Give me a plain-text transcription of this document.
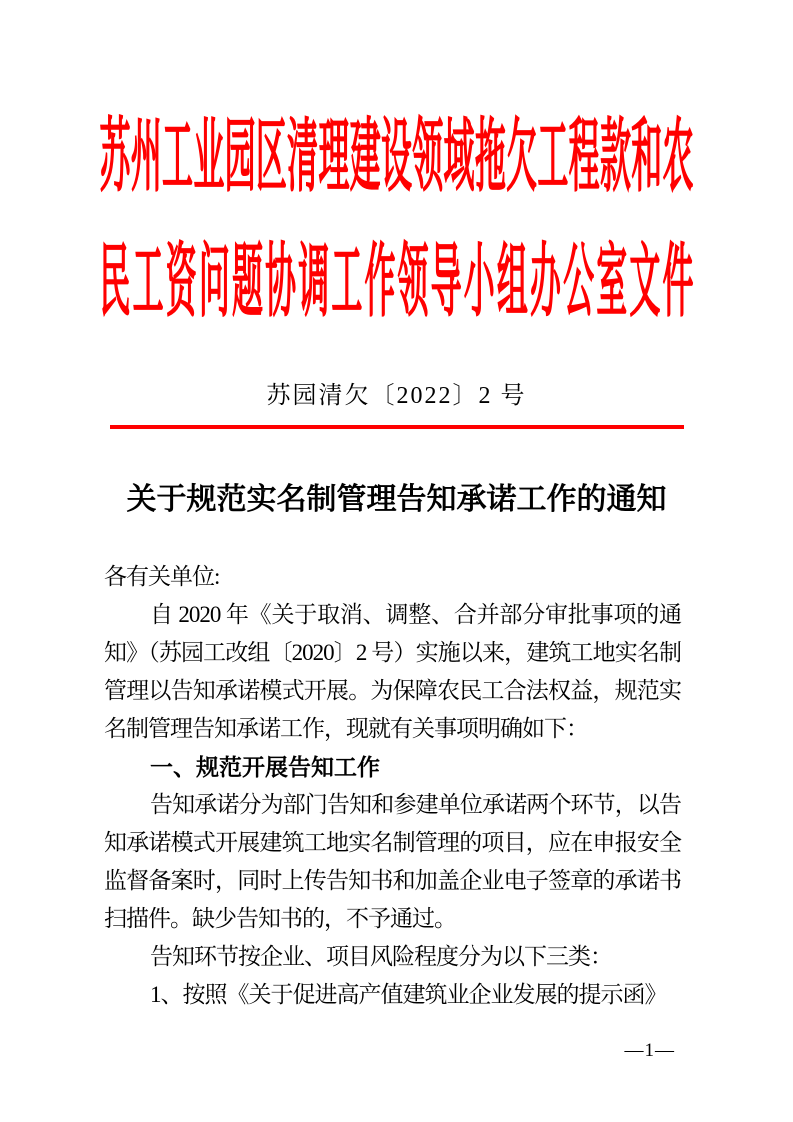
苏州工业园区清理建设领域拖欠工程款和农
民工资问题协调工作领导小组办公室文件
苏园清欠〔2022〕2 号
关于规范实名制管理告知承诺工作的通知

各有关单位:

自 2020 年《关于取消、调整、合并部分审批事项的通知》（苏园工改组〔2020〕2 号）实施以来，建筑工地实名制管理以告知承诺模式开展。为保障农民工合法权益，规范实名制管理告知承诺工作，现就有关事项明确如下：

一、规范开展告知工作

告知承诺分为部门告知和参建单位承诺两个环节，以告知承诺模式开展建筑工地实名制管理的项目，应在申报安全监督备案时，同时上传告知书和加盖企业电子签章的承诺书扫描件。缺少告知书的，不予通过。

告知环节按企业、项目风险程度分为以下三类：

1、按照《关于促进高产值建筑业企业发展的提示函》

—1—
